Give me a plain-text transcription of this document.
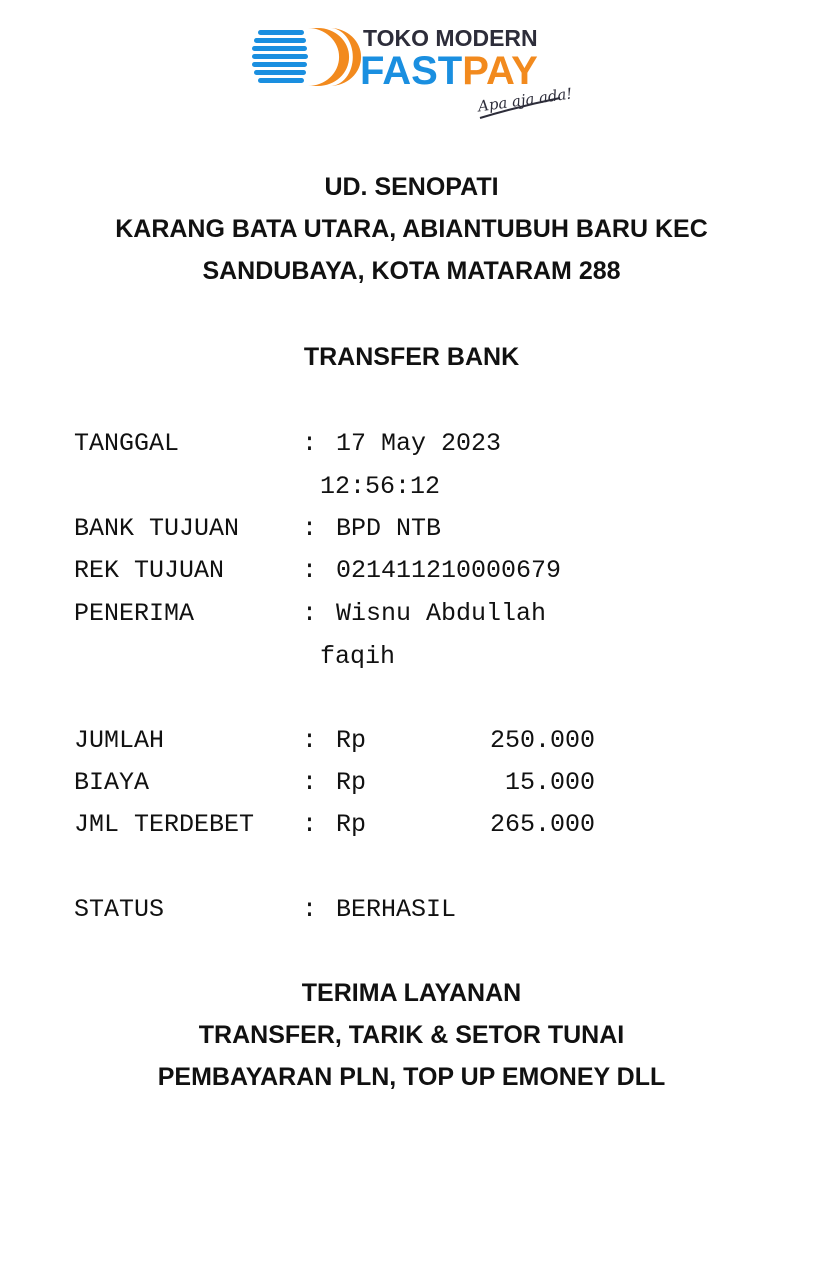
TOKO MODERN
FASTPAY
Apa aja ada!
UD. SENOPATI
KARANG BATA UTARA, ABIANTUBUH BARU KEC
SANDUBAYA, KOTA MATARAM 288
TRANSFER BANK
TANGGAL	: 17 May 2023
12:56:12
BANK TUJUAN	: BPD NTB
REK TUJUAN	: 021411210000679
PENERIMA	: Wisnu Abdullah
faqih
JUMLAH	: Rp	250.000
BIAYA	: Rp	15.000
JML TERDEBET : Rp	265.000
STATUS	: BERHASIL
TERIMA LAYANAN
TRANSFER, TARIK & SETOR TUNAI
PEMBAYARAN PLN, TOP UP EMONEY DLL
